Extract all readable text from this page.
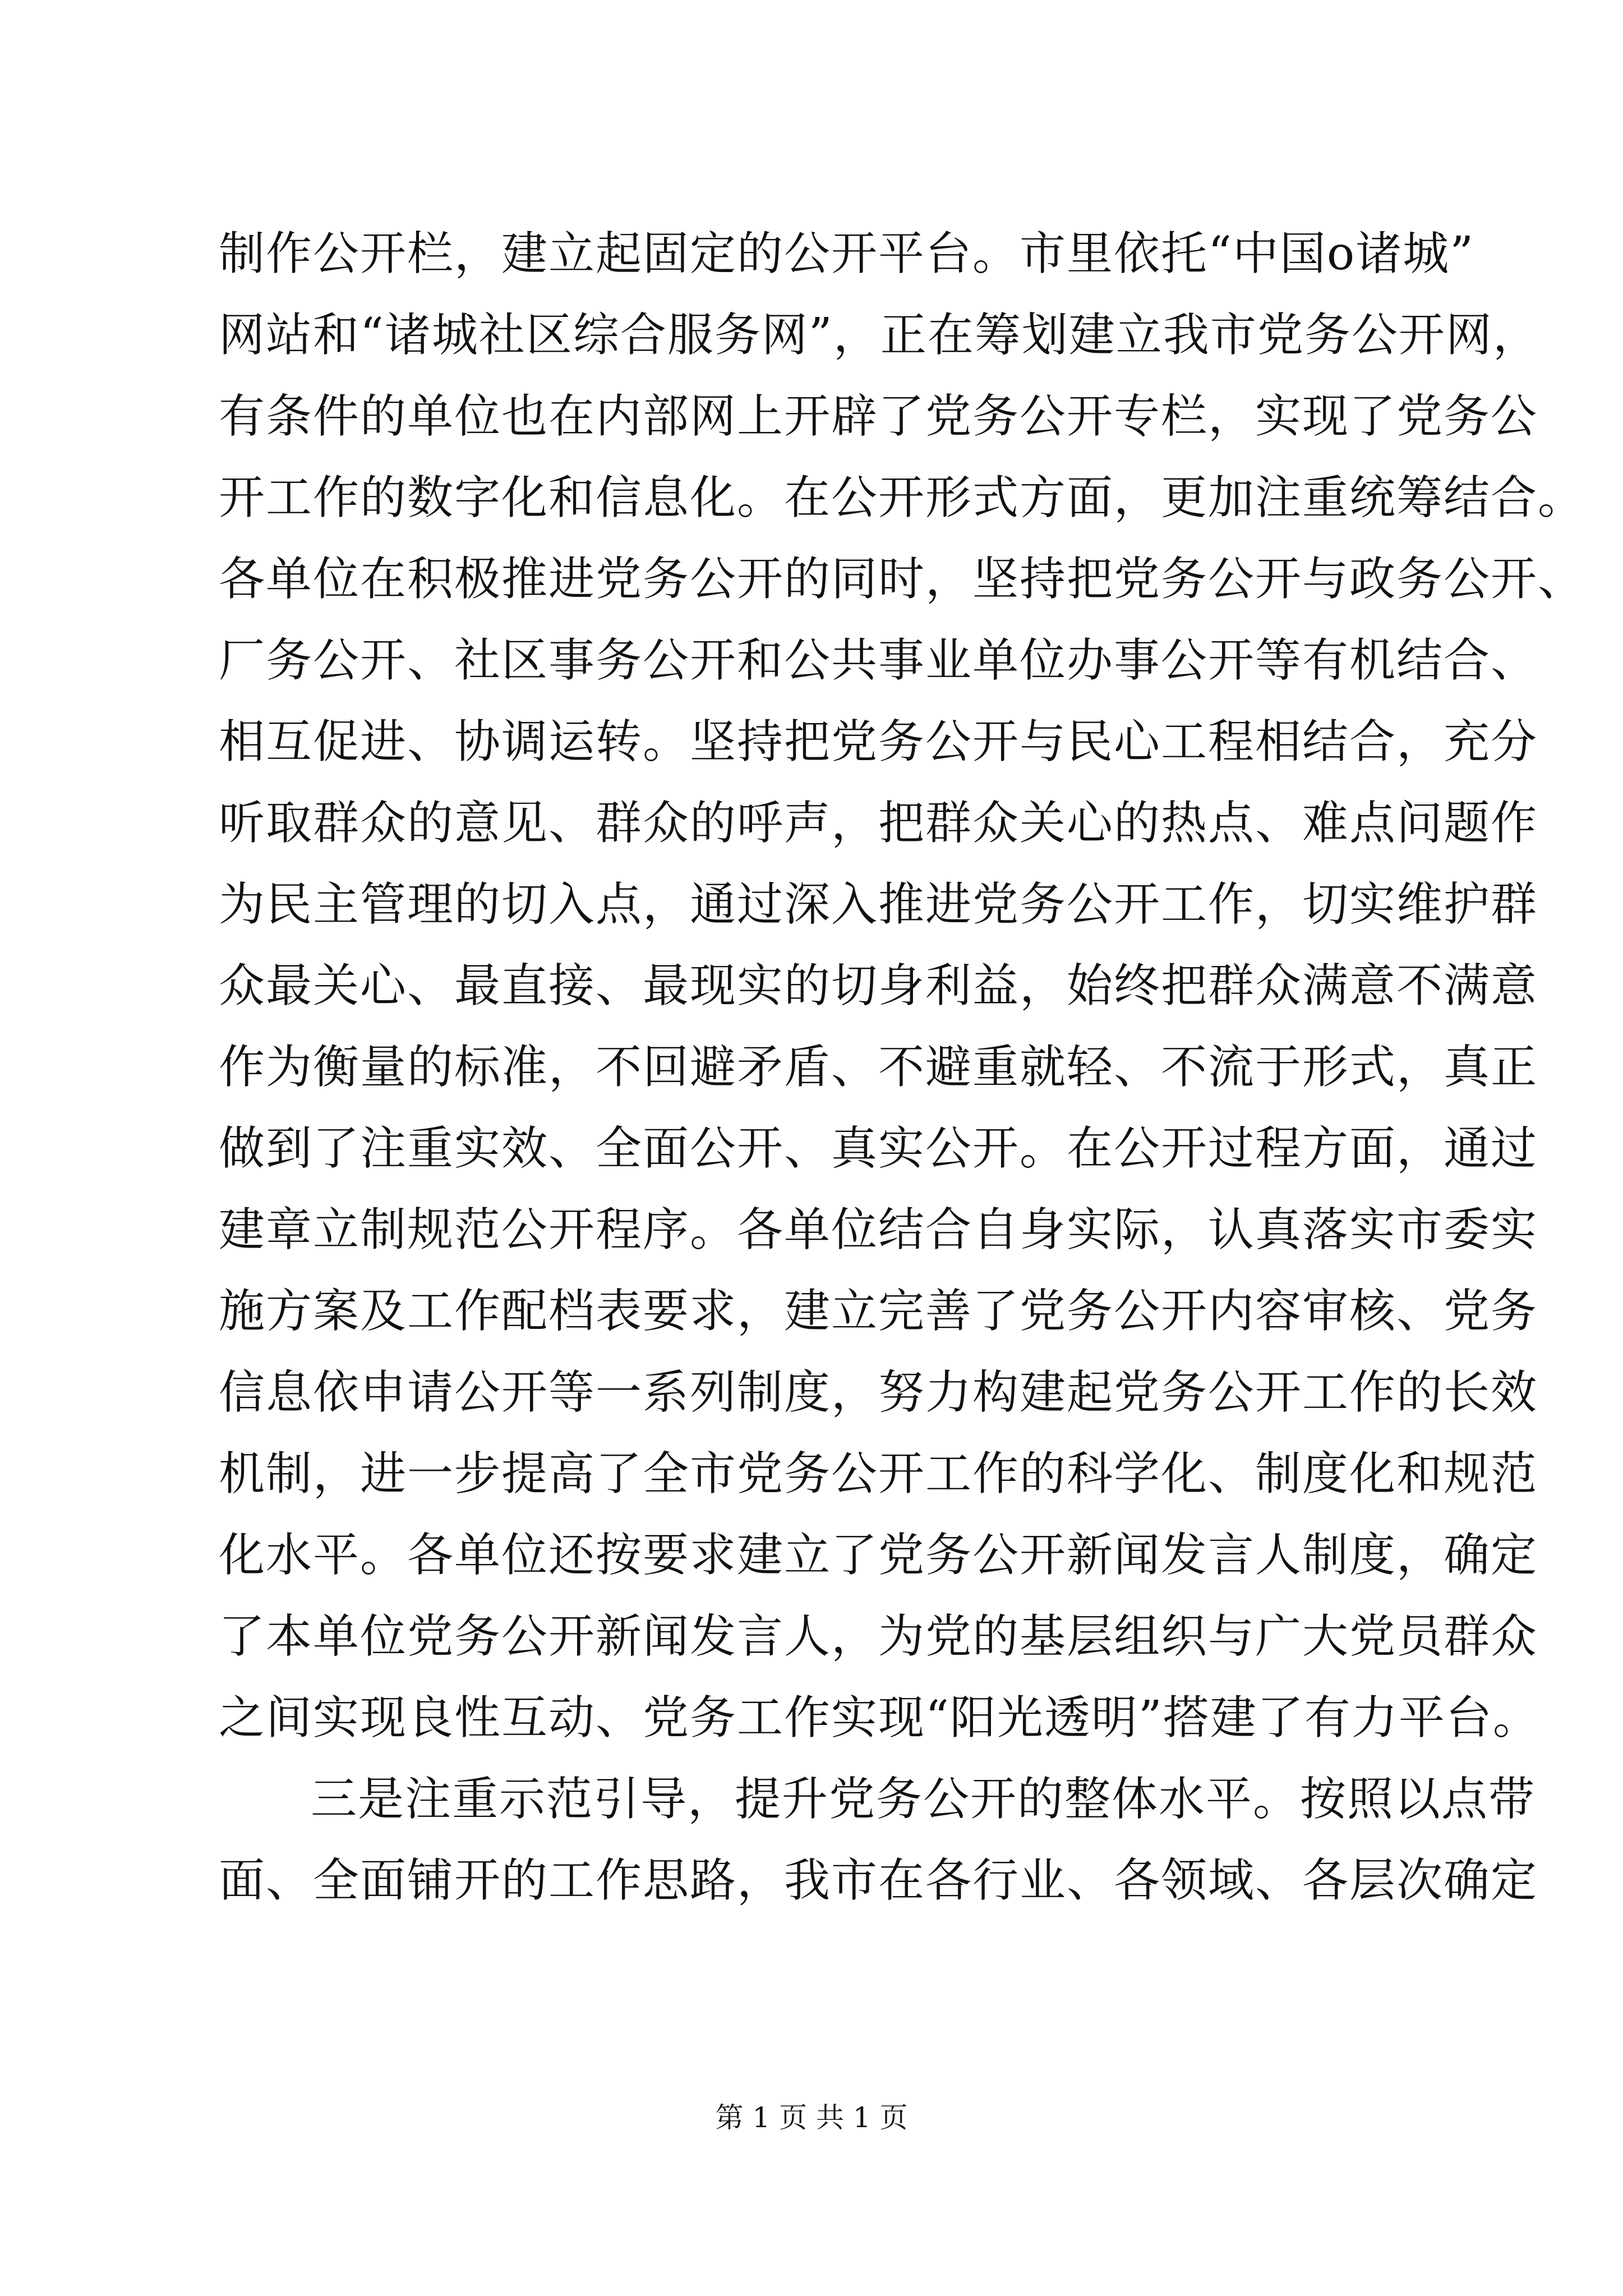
制作公开栏，建立起固定的公开平台。市里依托“中国o诸城”
网站和“诸城社区综合服务网”，正在筹划建立我市党务公开网，
有条件的单位也在内部网上开辟了党务公开专栏，实现了党务公
开工作的数字化和信息化。在公开形式方面，更加注重统筹结合。
各单位在积极推进党务公开的同时，坚持把党务公开与政务公开、
厂务公开、社区事务公开和公共事业单位办事公开等有机结合、
相互促进、协调运转。坚持把党务公开与民心工程相结合，充分
听取群众的意见、群众的呼声，把群众关心的热点、难点问题作
为民主管理的切入点，通过深入推进党务公开工作，切实维护群
众最关心、最直接、最现实的切身利益，始终把群众满意不满意
作为衡量的标准，不回避矛盾、不避重就轻、不流于形式，真正
做到了注重实效、全面公开、真实公开。在公开过程方面，通过
建章立制规范公开程序。各单位结合自身实际，认真落实市委实
施方案及工作配档表要求，建立完善了党务公开内容审核、党务
信息依申请公开等一系列制度，努力构建起党务公开工作的长效
机制，进一步提高了全市党务公开工作的科学化、制度化和规范
化水平。各单位还按要求建立了党务公开新闻发言人制度，确定
了本单位党务公开新闻发言人，为党的基层组织与广大党员群众
之间实现良性互动、党务工作实现“阳光透明”搭建了有力平台。
三是注重示范引导，提升党务公开的整体水平。按照以点带
面、全面铺开的工作思路，我市在各行业、各领域、各层次确定
第 1 页 共 1 页
